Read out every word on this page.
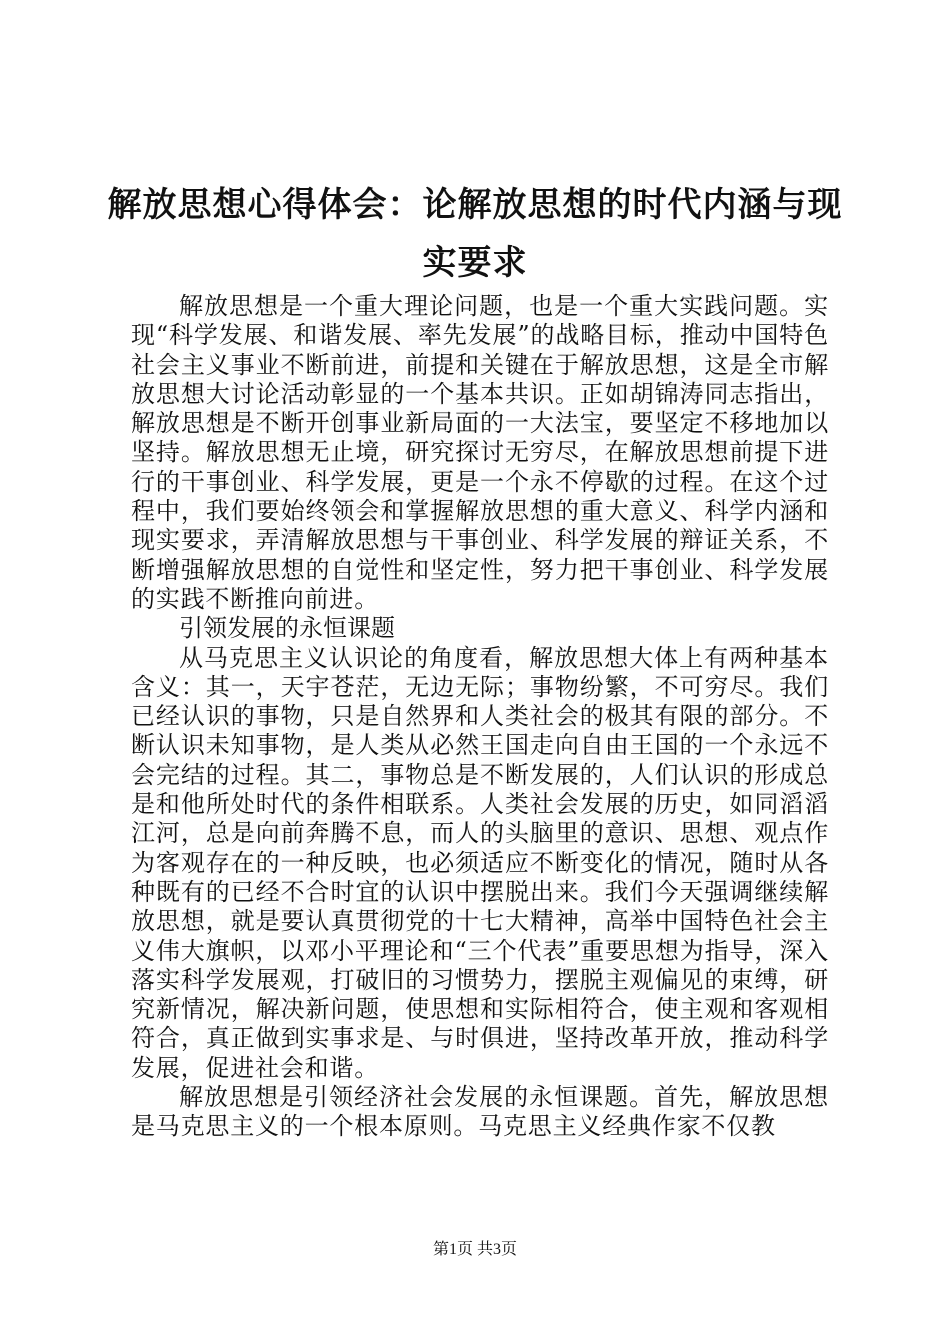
解放思想心得体会：论解放思想的时代内涵与现实要求

解放思想是一个重大理论问题，也是一个重大实践问题。实现“科学发展、和谐发展、率先发展”的战略目标，推动中国特色社会主义事业不断前进，前提和关键在于解放思想，这是全市解放思想大讨论活动彰显的一个基本共识。正如胡锦涛同志指出，解放思想是不断开创事业新局面的一大法宝，要坚定不移地加以坚持。解放思想无止境，研究探讨无穷尽，在解放思想前提下进行的干事创业、科学发展，更是一个永不停歇的过程。在这个过程中，我们要始终领会和掌握解放思想的重大意义、科学内涵和现实要求，弄清解放思想与干事创业、科学发展的辩证关系，不断增强解放思想的自觉性和坚定性，努力把干事创业、科学发展的实践不断推向前进。

引领发展的永恒课题

从马克思主义认识论的角度看，解放思想大体上有两种基本含义：其一，天宇苍茫，无边无际；事物纷繁，不可穷尽。我们已经认识的事物，只是自然界和人类社会的极其有限的部分。不断认识未知事物，是人类从必然王国走向自由王国的一个永远不会完结的过程。其二，事物总是不断发展的，人们认识的形成总是和他所处时代的条件相联系。人类社会发展的历史，如同滔滔江河，总是向前奔腾不息，而人的头脑里的意识、思想、观点作为客观存在的一种反映，也必须适应不断变化的情况，随时从各种既有的已经不合时宜的认识中摆脱出来。我们今天强调继续解放思想，就是要认真贯彻党的十七大精神，高举中国特色社会主义伟大旗帜，以邓小平理论和“三个代表”重要思想为指导，深入落实科学发展观，打破旧的习惯势力，摆脱主观偏见的束缚，研究新情况，解决新问题，使思想和实际相符合，使主观和客观相符合，真正做到实事求是、与时俱进，坚持改革开放，推动科学发展，促进社会和谐。

解放思想是引领经济社会发展的永恒课题。首先，解放思想是马克思主义的一个根本原则。马克思主义经典作家不仅教

第1页 共3页
